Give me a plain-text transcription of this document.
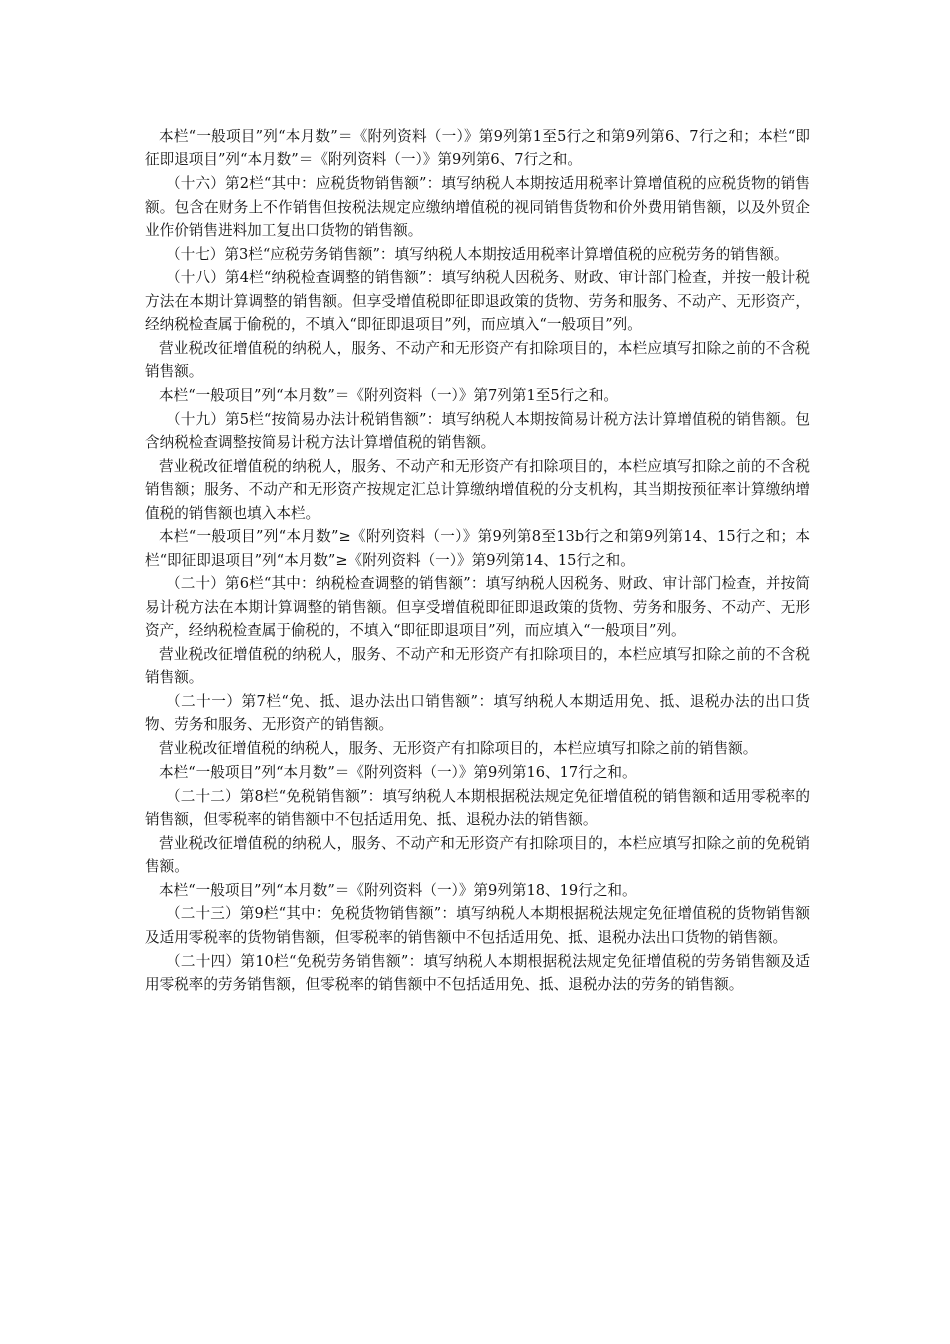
本栏“一般项目”列“本月数”＝《附列资料（一）》第9列第1至5行之和第9列第6、7行之和；本栏“即征即退项目”列“本月数”＝《附列资料（一）》第9列第6、7行之和。

（十六）第2栏“其中：应税货物销售额”：填写纳税人本期按适用税率计算增值税的应税货物的销售额。包含在财务上不作销售但按税法规定应缴纳增值税的视同销售货物和价外费用销售额，以及外贸企业作价销售进料加工复出口货物的销售额。

（十七）第3栏“应税劳务销售额”：填写纳税人本期按适用税率计算增值税的应税劳务的销售额。

（十八）第4栏“纳税检查调整的销售额”：填写纳税人因税务、财政、审计部门检查，并按一般计税方法在本期计算调整的销售额。但享受增值税即征即退政策的货物、劳务和服务、不动产、无形资产，经纳税检查属于偷税的，不填入“即征即退项目”列，而应填入“一般项目”列。

营业税改征增值税的纳税人，服务、不动产和无形资产有扣除项目的，本栏应填写扣除之前的不含税销售额。

本栏“一般项目”列“本月数”＝《附列资料（一）》第7列第1至5行之和。

（十九）第5栏“按简易办法计税销售额”：填写纳税人本期按简易计税方法计算增值税的销售额。包含纳税检查调整按简易计税方法计算增值税的销售额。

营业税改征增值税的纳税人，服务、不动产和无形资产有扣除项目的，本栏应填写扣除之前的不含税销售额；服务、不动产和无形资产按规定汇总计算缴纳增值税的分支机构，其当期按预征率计算缴纳增值税的销售额也填入本栏。

本栏“一般项目”列“本月数”≥《附列资料（一）》第9列第8至13b行之和第9列第14、15行之和；本栏“即征即退项目”列“本月数”≥《附列资料（一）》第9列第14、15行之和。

（二十）第6栏“其中：纳税检查调整的销售额”：填写纳税人因税务、财政、审计部门检查，并按简易计税方法在本期计算调整的销售额。但享受增值税即征即退政策的货物、劳务和服务、不动产、无形资产，经纳税检查属于偷税的，不填入“即征即退项目”列，而应填入“一般项目”列。

营业税改征增值税的纳税人，服务、不动产和无形资产有扣除项目的，本栏应填写扣除之前的不含税销售额。

（二十一）第7栏“免、抵、退办法出口销售额”：填写纳税人本期适用免、抵、退税办法的出口货物、劳务和服务、无形资产的销售额。

营业税改征增值税的纳税人，服务、无形资产有扣除项目的，本栏应填写扣除之前的销售额。

本栏“一般项目”列“本月数”＝《附列资料（一）》第9列第16、17行之和。

（二十二）第8栏“免税销售额”：填写纳税人本期根据税法规定免征增值税的销售额和适用零税率的销售额，但零税率的销售额中不包括适用免、抵、退税办法的销售额。

营业税改征增值税的纳税人，服务、不动产和无形资产有扣除项目的，本栏应填写扣除之前的免税销售额。

本栏“一般项目”列“本月数”＝《附列资料（一）》第9列第18、19行之和。

（二十三）第9栏“其中：免税货物销售额”：填写纳税人本期根据税法规定免征增值税的货物销售额及适用零税率的货物销售额，但零税率的销售额中不包括适用免、抵、退税办法出口货物的销售额。

（二十四）第10栏“免税劳务销售额”：填写纳税人本期根据税法规定免征增值税的劳务销售额及适用零税率的劳务销售额，但零税率的销售额中不包括适用免、抵、退税办法的劳务的销售额。
